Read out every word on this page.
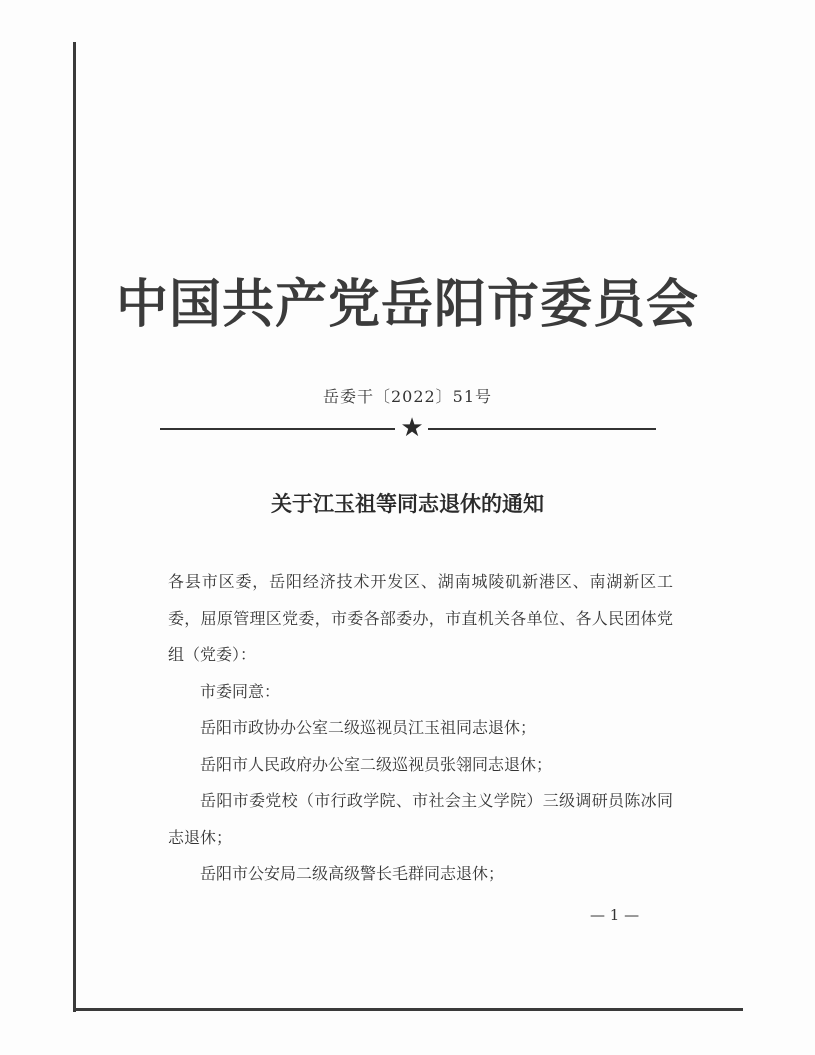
中国共产党岳阳市委员会
岳委干〔2022〕51号
★
关于江玉祖等同志退休的通知

各县市区委，岳阳经济技术开发区、湖南城陵矶新港区、南湖新区工委，屈原管理区党委，市委各部委办，市直机关各单位、各人民团体党组（党委）：

市委同意：

岳阳市政协办公室二级巡视员江玉祖同志退休；

岳阳市人民政府办公室二级巡视员张翎同志退休；

岳阳市委党校（市行政学院、市社会主义学院）三级调研员陈冰同志退休；

岳阳市公安局二级高级警长毛群同志退休；

— 1 —
